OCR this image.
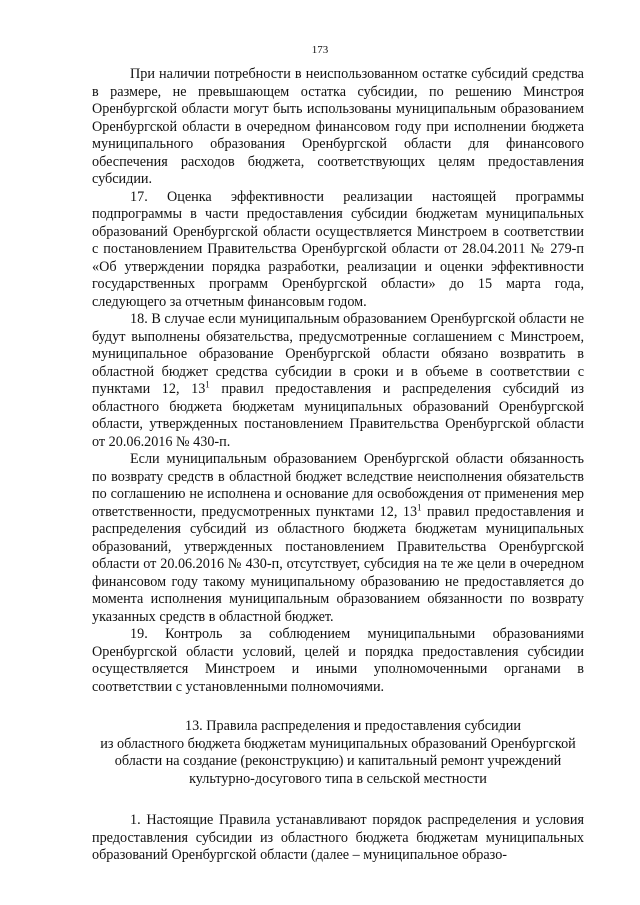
173

При наличии потребности в неиспользованном остатке субсидий средства в размере, не превышающем остатка субсидии, по решению Минстроя Оренбургской области могут быть использованы муниципальным образованием Оренбургской области в очередном финансовом году при исполнении бюджета муниципального образования Оренбургской области для финансового обеспечения расходов бюджета, соответствующих целям предоставления субсидии.

17. Оценка эффективности реализации настоящей программы подпрограммы в части предоставления субсидии бюджетам муниципальных образований Оренбургской области осуществляется Минстроем в соответствии с постановлением Правительства Оренбургской области от 28.04.2011 № 279-п «Об утверждении порядка разработки, реализации и оценки эффективности государственных программ Оренбургской области» до 15 марта года, следующего за отчетным финансовым годом.

18. В случае если муниципальным образованием Оренбургской области не будут выполнены обязательства, предусмотренные соглашением с Минстроем, муниципальное образование Оренбургской области обязано возвратить в областной бюджет средства субсидии в сроки и в объеме в соответствии с пунктами 12, $13^1$ правил предоставления и распределения субсидий из областного бюджета бюджетам муниципальных образований Оренбургской области, утвержденных постановлением Правительства Оренбургской области от 20.06.2016 № 430-п.

Если муниципальным образованием Оренбургской области обязанность по возврату средств в областной бюджет вследствие неисполнения обязательств по соглашению не исполнена и основание для освобождения от применения мер ответственности, предусмотренных пунктами 12, $13^1$ правил предоставления и распределения субсидий из областного бюджета бюджетам муниципальных образований, утвержденных постановлением Правительства Оренбургской области от 20.06.2016 № 430-п, отсутствует, субсидия на те же цели в очередном финансовом году такому муниципальному образованию не предоставляется до момента исполнения муниципальным образованием обязанности по возврату указанных средств в областной бюджет.

19. Контроль за соблюдением муниципальными образованиями Оренбургской области условий, целей и порядка предоставления субсидии осуществляется Минстроем и иными уполномоченными органами в соответствии с установленными полномочиями.

13. Правила распределения и предоставления субсидии
из областного бюджета бюджетам муниципальных образований Оренбургской области на создание (реконструкцию) и капитальный ремонт учреждений культурно-досугового типа в сельской местности

1. Настоящие Правила устанавливают порядок распределения и условия предоставления субсидии из областного бюджета бюджетам муниципальных образований Оренбургской области (далее – муниципальное образо-
